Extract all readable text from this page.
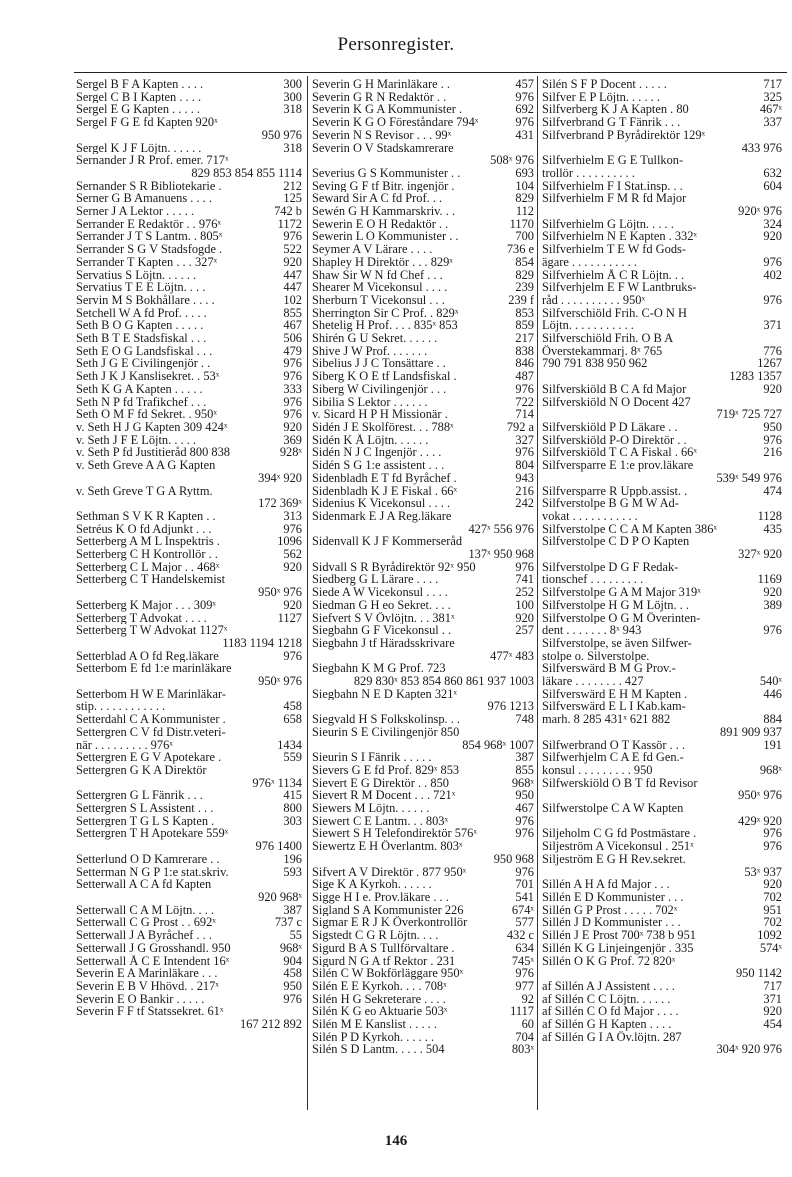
Personregister.
Sergel B F A Kapten . . . .	300
Sergel C B I Kapten . . . .	300
Sergel E G Kapten . . . . .	318
Sergel F G E fd Kapten 920ˣ
950 976
Sergel K J F Löjtn. . . . . .	318
Sernander J R Prof. emer. 717ˣ
829 853 854 855 1114
Sernander S R Bibliotekarie .	212
Serner G B Amanuens . . . .	125
Serner J A Lektor . . . . .	742 b
Serrander E Redaktör . . 976ˣ	1172
Serrander J T S Lantm. . 805ˣ	976
Serrander S G V Stadsfogde .	522
Serrander T Kapten . . . 327ˣ	920
Servatius S Löjtn. . . . . .	447
Servatius T E E Löjtn. . . .	447
Servin M S Bokhållare . . . .	102
Setchell W A fd Prof. . . . .	855
Seth B O G Kapten . . . . .	467
Seth B T E Stadsfiskal . . .	506
Seth E O G Landsfiskal . . .	479
Seth J G E Civilingenjör . .	976
Seth J K J Kanslisekret. . 53ˣ	976
Seth K G A Kapten . . . . .	333
Seth N P fd Trafikchef . . .	976
Seth O M F fd Sekret. . 950ˣ	976
v. Seth H J G Kapten 309 424ˣ	920
v. Seth J F E Löjtn. . . . .	369
v. Seth P fd Justitieråd 800 838	928ˣ
v. Seth Greve A A G Kapten
394ˣ 920
v. Seth Greve T G A Ryttm.
172 369ˣ
Sethman S V K R Kapten . .	313
Setréus K O fd Adjunkt . . .	976
Setterberg A M L Inspektris .	1096
Setterberg C H Kontrollör . .	562
Setterberg C L Major . . 468ˣ	920
Setterberg C T Handelskemist
950ˣ 976
Setterberg K Major . . . 309ˣ	920
Setterberg T Advokat . . . .	1127
Setterberg T W Advokat 1127ˣ
1183 1194 1218
Setterblad A O fd Reg.läkare	976
Setterbom E fd 1:e marinläkare
950ˣ 976
Setterbom H W E Marinläkar-
stip. . . . . . . . . . . .	458
Setterdahl C A Kommunister .	658
Settergren C V fd Distr.veteri-
när . . . . . . . . . 976ˣ	1434
Settergren E G V Apotekare .	559
Settergren G K A Direktör
976ˣ 1134
Settergren G L Fänrik . . .	415
Settergren S L Assistent . . .	800
Settergren T G L S Kapten .	303
Settergren T H Apotekare 559ˣ
976 1400
Setterlund O D Kamrerare . .	196
Setterman N G P 1:e stat.skriv.	593
Setterwall A C A fd Kapten
920 968ˣ
Setterwall C A M Löjtn. . . .	387
Setterwall C G Prost . . 692ˣ	737 c
Setterwall J A Byråchef . . .	55
Setterwall J G Grosshandl. 950	968ˣ
Setterwall Å C E Intendent 16ˣ	904
Severin E A Marinläkare . . .	458
Severin E B V Hhövd. . 217ˣ	950
Severin E O Bankir . . . . .	976
Severin F F tf Statssekret. 61ˣ
167 212 892
Severin G H Marinläkare . .	457
Severin G R N Redaktör . .	976
Severin K G A Kommunister .	692
Severin K G O Föreståndare 794ˣ	976
Severin N S Revisor . . . 99ˣ	431
Severin O V Stadskamrerare
508ˣ 976
Severius G S Kommunister . .	693
Seving G F tf Bitr. ingenjör .	104
Seward Sir A C fd Prof. . .	829
Sewén G H Kammarskriv. . .	112
Sewerin E O H Redaktör . .	1170
Sewerin L O Kommunister . .	700
Seymer A V Lärare . . . .	736 e
Shapley H Direktör . . . 829ˣ	854
Shaw Sir W N fd Chef . . .	829
Shearer M Vicekonsul . . . .	239
Sherburn T Vicekonsul . . .	239 f
Sherrington Sir C Prof. . 829ˣ	853
Shetelig H Prof. . . . 835ˣ 853	859
Shirén G U Sekret. . . . . .	217
Shive J W Prof. . . . . . .	838
Sibelius J J C Tonsättare . .	846
Siberg K O E tf Landsfiskal .	487
Siberg W Civilingenjör . . .	976
Sibilia S Lektor . . . . . .	722
v. Sicard H P H Missionär .	714
Sidén J E Skolförest. . . 788ˣ	792 a
Sidén K Å Löjtn. . . . . .	327
Sidén N J C Ingenjör . . . .	976
Sidén S G 1:e assistent . . .	804
Sidenbladh E T fd Byråchef .	943
Sidenbladh K J E Fiskal . 66ˣ	216
Sidenius K Vicekonsul . . . .	242
Sidenmark E J A Reg.läkare
427ˣ 556 976
Sidenvall K J F Kommerseråd
137ˣ 950 968
Sidvall S R Byrådirektör 92ˣ 950	976
Siedberg G L Lärare . . . .	741
Siede A W Vicekonsul . . . .	252
Siedman G H eo Sekret. . . .	100
Siefvert S V Övlöjtn. . . 381ˣ	920
Siegbahn G F Vicekonsul . .	257
Siegbahn J tf Häradsskrivare
477ˣ 483
Siegbahn K M G Prof. 723
829 830ˣ 853 854 860 861 937 1003
Siegbahn N E D Kapten 321ˣ
976 1213
Siegvald H S Folkskolinsp. . .	748
Sieurin S E Civilingenjör 850
854 968ˣ 1007
Sieurin S I Fänrik . . . . .	387
Sievers G E fd Prof. 829ˣ 853	855
Sievert E G Direktör . . 850	968ˣ
Sievert R M Docent . . . 721ˣ	950
Siewers M Löjtn. . . . . .	467
Siewert C E Lantm. . . 803ˣ	976
Siewert S H Telefondirektör 576ˣ	976
Siewertz E H Överlantm. 803ˣ
950 968
Sifvert A V Direktör . 877 950ˣ	976
Sige K A Kyrkoh. . . . . .	701
Sigge H I e. Prov.läkare . . .	541
Sigland S A Kommunister 226	674ˣ
Sigmar E R J K Överkontrollör	577
Sigstedt C G R Löjtn. . . .	432 c
Sigurd B A S Tullförvaltare .	634
Sigurd N G A tf Rektor . 231	745ˣ
Silén C W Bokförläggare 950ˣ	976
Silén E E Kyrkoh. . . . 708ˣ	977
Silén H G Sekreterare . . . .	92
Silén K G eo Aktuarie 503ˣ	1117
Silén M E Kanslist . . . . .	60
Silén P D Kyrkoh. . . . . .	704
Silén S D Lantm. . . . . 504	803ˣ
Silén S F P Docent . . . . .	717
Silfver E P Löjtn. . . . . .	325
Silfverberg K J A Kapten . 80	467ˣ
Silfverbrand G T Fänrik . . .	337
Silfverbrand P Byrådirektör 129ˣ
433 976
Silfverhielm E G E Tullkon-
trollör . . . . . . . . . .	632
Silfverhielm F I Stat.insp. . .	604
Silfverhielm F M R fd Major
920ˣ 976
Silfverhielm G Löjtn. . . . .	324
Silfverhielm N E Kapten . 332ˣ	920
Silfverhielm T E W fd Gods-
ägare . . . . . . . . . . .	976
Silfverhielm Å C R Löjtn. . .	402
Silfverhjelm E F W Lantbruks-
råd . . . . . . . . . . 950ˣ	976
Silfverschiöld Frih. C-O N H
Löjtn. . . . . . . . . . .	371
Silfverschiöld Frih. O B A
Överstekammarj. 8ˣ 765	776
790 791 838 950 962	1267
1283 1357
Silfverskiöld B C A fd Major	920
Silfverskiöld N O Docent 427
719ˣ 725 727
Silfverskiöld P D Läkare . .	950
Silfverskiöld P-O Direktör . .	976
Silfverskiöld T C A Fiskal . 66ˣ	216
Silfversparre E 1:e prov.läkare
539ˣ 549 976
Silfversparre R Uppb.assist. .	474
Silfverstolpe B G M W Ad-
vokat . . . . . . . . . . .	1128
Silfverstolpe C C A M Kapten 386ˣ	435
Silfverstolpe C D P O Kapten
327ˣ 920
Silfverstolpe D G F Redak-
tionschef . . . . . . . . .	1169
Silfverstolpe G A M Major 319ˣ	920
Silfverstolpe H G M Löjtn. . .	389
Silfverstolpe O G M Överinten-
dent . . . . . . . 8ˣ 943	976
Silfverstolpe, se även Silfwer-
stolpe o. Silverstolpe.
Silfverswärd B M G Prov.-
läkare . . . . . . . . 427	540ˣ
Silfverswärd E H M Kapten .	446
Silfverswärd E L I Kab.kam-
marh. 8 285 431ˣ 621 882	884
891 909 937
Silfwerbrand O T Kassör . . .	191
Silfwerhjelm C A E fd Gen.-
konsul . . . . . . . . . 950	968ˣ
Silfwerskiöld O B T fd Revisor
950ˣ 976
Silfwerstolpe C A W Kapten
429ˣ 920
Siljeholm C G fd Postmästare .	976
Siljeström A Vicekonsul . 251ˣ	976
Siljeström E G H Rev.sekret.
53ˣ 937
Sillén A H A fd Major . . .	920
Sillén E D Kommunister . . .	702
Sillén G P Prost . . . . . 702ˣ	951
Sillén J D Kommunister . . .	702
Sillén J E Prost 700ˣ 738 b 951	1092
Sillén K G Linjeingenjör . 335	574ˣ
Sillén O K G Prof. 72 820ˣ
950 1142
af Sillén A J Assistent . . . .	717
af Sillén C C Löjtn. . . . . .	371
af Sillén C O fd Major . . . .	920
af Sillén G H Kapten . . . .	454
af Sillén G I A Öv.löjtn. 287
304ˣ 920 976
146
